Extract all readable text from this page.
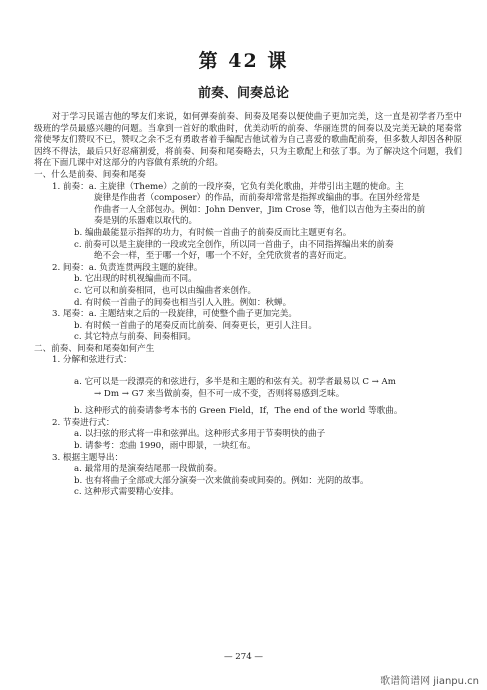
第 42 课
前奏、间奏总论

对于学习民谣吉他的琴友们来说，如何弹奏前奏、间奏及尾奏以便使曲子更加完美，这一直是初学者乃至中级班的学员最感兴趣的问题。当拿到一首好的歌曲时，优美动听的前奏、华丽连贯的间奏以及完美无缺的尾奏常常使琴友们赞叹不已，赞叹之余不乏有勇敢者着手编配吉他试着为自己喜爱的歌曲配前奏，但多数人却因各种原因终不得法，最后只好忍痛割爱，将前奏、间奏和尾奏略去，只为主歌配上和弦了事。为了解决这个问题，我们将在下面几课中对这部分的内容做有系统的介绍。

一、什么是前奏、间奏和尾奏

1. 前奏：a. 主旋律（Theme）之前的一段序奏，它负有美化歌曲，并带引出主题的使命。主

旋律是作曲者（composer）的作品，而前奏却常常是指挥或编曲的事。在国外经常是

作曲者一人全部包办。例如：John Denver，Jim Crose 等，他们以吉他为主奏出的前

奏是别的乐器难以取代的。

b. 编曲最能显示指挥的功力，有时候一首曲子的前奏反而比主题更有名。

c. 前奏可以是主旋律的一段或完全创作，所以同一首曲子，由不同指挥编出来的前奏

绝不会一样，至于哪一个好，哪一个不好，全凭欣赏者的喜好而定。

2. 间奏：a. 负责连贯两段主题的旋律。

b. 它出现的时机视编曲而不同。

c. 它可以和前奏相同，也可以由编曲者来创作。

d. 有时候一首曲子的间奏也相当引人入胜。例如：秋蝉。

3. 尾奏：a. 主题结束之后的一段旋律，可使整个曲子更加完美。

b. 有时候一首曲子的尾奏反而比前奏、间奏更长，更引人注目。

c. 其它特点与前奏、间奏相同。

二、前奏、间奏和尾奏如何产生

1. 分解和弦进行式：

a. 它可以是一段漂亮的和弦进行，多半是和主题的和弦有关。初学者最易以 C → Am

→ Dm → G7 来当做前奏，但不可一成不变，否则将易感到乏味。

b. 这种形式的前奏请参考本书的 Green Field，If，The end of the world 等歌曲。

2. 节奏进行式：

a. 以扫弦的形式将一串和弦弹出。这种形式多用于节奏明快的曲子

b. 请参考：恋曲 1990，雨中即景，一块红布。

3. 根据主题导出：

a. 最常用的是演奏结尾那一段做前奏。

b. 也有将曲子全部或大部分演奏一次来做前奏或间奏的。例如：光阴的故事。

c. 这种形式需要精心安排。

— 274 —
歌谱简谱网 jianpu.cn
